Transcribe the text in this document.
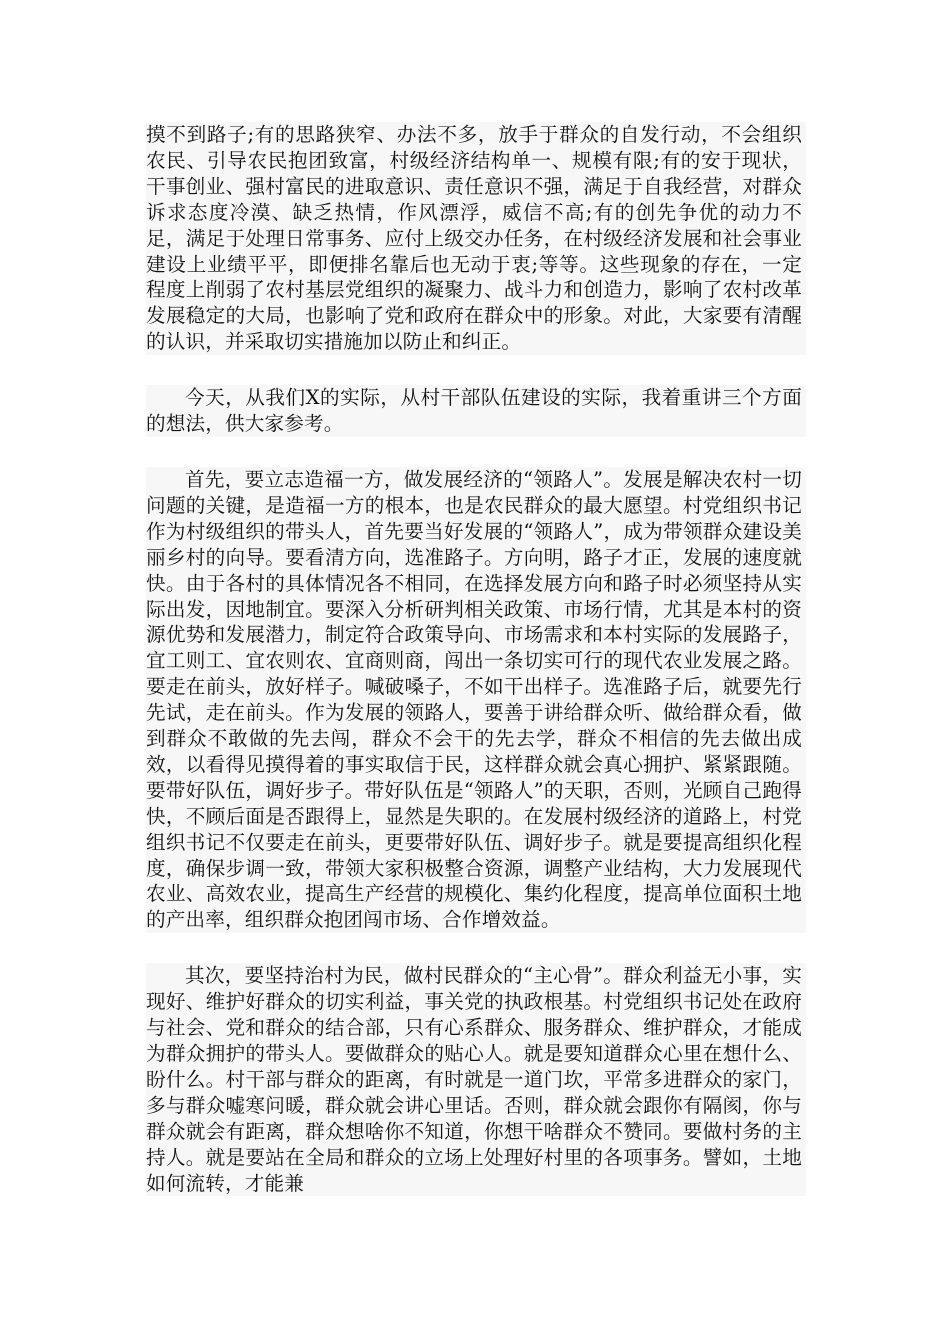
摸不到路子;有的思路狭窄、办法不多，放手于群众的自发行动，不会组织农民、引导农民抱团致富，村级经济结构单一、规模有限;有的安于现状，干事创业、强村富民的进取意识、责任意识不强，满足于自我经营，对群众诉求态度冷漠、缺乏热情，作风漂浮，威信不高;有的创先争优的动力不足，满足于处理日常事务、应付上级交办任务，在村级经济发展和社会事业建设上业绩平平，即便排名靠后也无动于衷;等等。这些现象的存在，一定程度上削弱了农村基层党组织的凝聚力、战斗力和创造力，影响了农村改革发展稳定的大局，也影响了党和政府在群众中的形象。对此，大家要有清醒的认识，并采取切实措施加以防止和纠正。

今天，从我们X的实际，从村干部队伍建设的实际，我着重讲三个方面的想法，供大家参考。

首先，要立志造福一方，做发展经济的“领路人”。发展是解决农村一切问题的关键，是造福一方的根本，也是农民群众的最大愿望。村党组织书记作为村级组织的带头人，首先要当好发展的“领路人”，成为带领群众建设美丽乡村的向导。要看清方向，选准路子。方向明，路子才正，发展的速度就快。由于各村的具体情况各不相同，在选择发展方向和路子时必须坚持从实际出发，因地制宜。要深入分析研判相关政策、市场行情，尤其是本村的资源优势和发展潜力，制定符合政策导向、市场需求和本村实际的发展路子，宜工则工、宜农则农、宜商则商，闯出一条切实可行的现代农业发展之路。要走在前头，放好样子。喊破嗓子，不如干出样子。选准路子后，就要先行先试，走在前头。作为发展的领路人，要善于讲给群众听、做给群众看，做到群众不敢做的先去闯，群众不会干的先去学，群众不相信的先去做出成效，以看得见摸得着的事实取信于民，这样群众就会真心拥护、紧紧跟随。要带好队伍，调好步子。带好队伍是“领路人”的天职，否则，光顾自己跑得快，不顾后面是否跟得上，显然是失职的。在发展村级经济的道路上，村党组织书记不仅要走在前头，更要带好队伍、调好步子。就是要提高组织化程度，确保步调一致，带领大家积极整合资源，调整产业结构，大力发展现代农业、高效农业，提高生产经营的规模化、集约化程度，提高单位面积土地的产出率，组织群众抱团闯市场、合作增效益。

其次，要坚持治村为民，做村民群众的“主心骨”。群众利益无小事，实现好、维护好群众的切实利益，事关党的执政根基。村党组织书记处在政府与社会、党和群众的结合部，只有心系群众、服务群众、维护群众，才能成为群众拥护的带头人。要做群众的贴心人。就是要知道群众心里在想什么、盼什么。村干部与群众的距离，有时就是一道门坎，平常多进群众的家门，多与群众嘘寒问暖，群众就会讲心里话。否则，群众就会跟你有隔阂，你与群众就会有距离，群众想啥你不知道，你想干啥群众不赞同。要做村务的主持人。就是要站在全局和群众的立场上处理好村里的各项事务。譬如，土地如何流转，才能兼
